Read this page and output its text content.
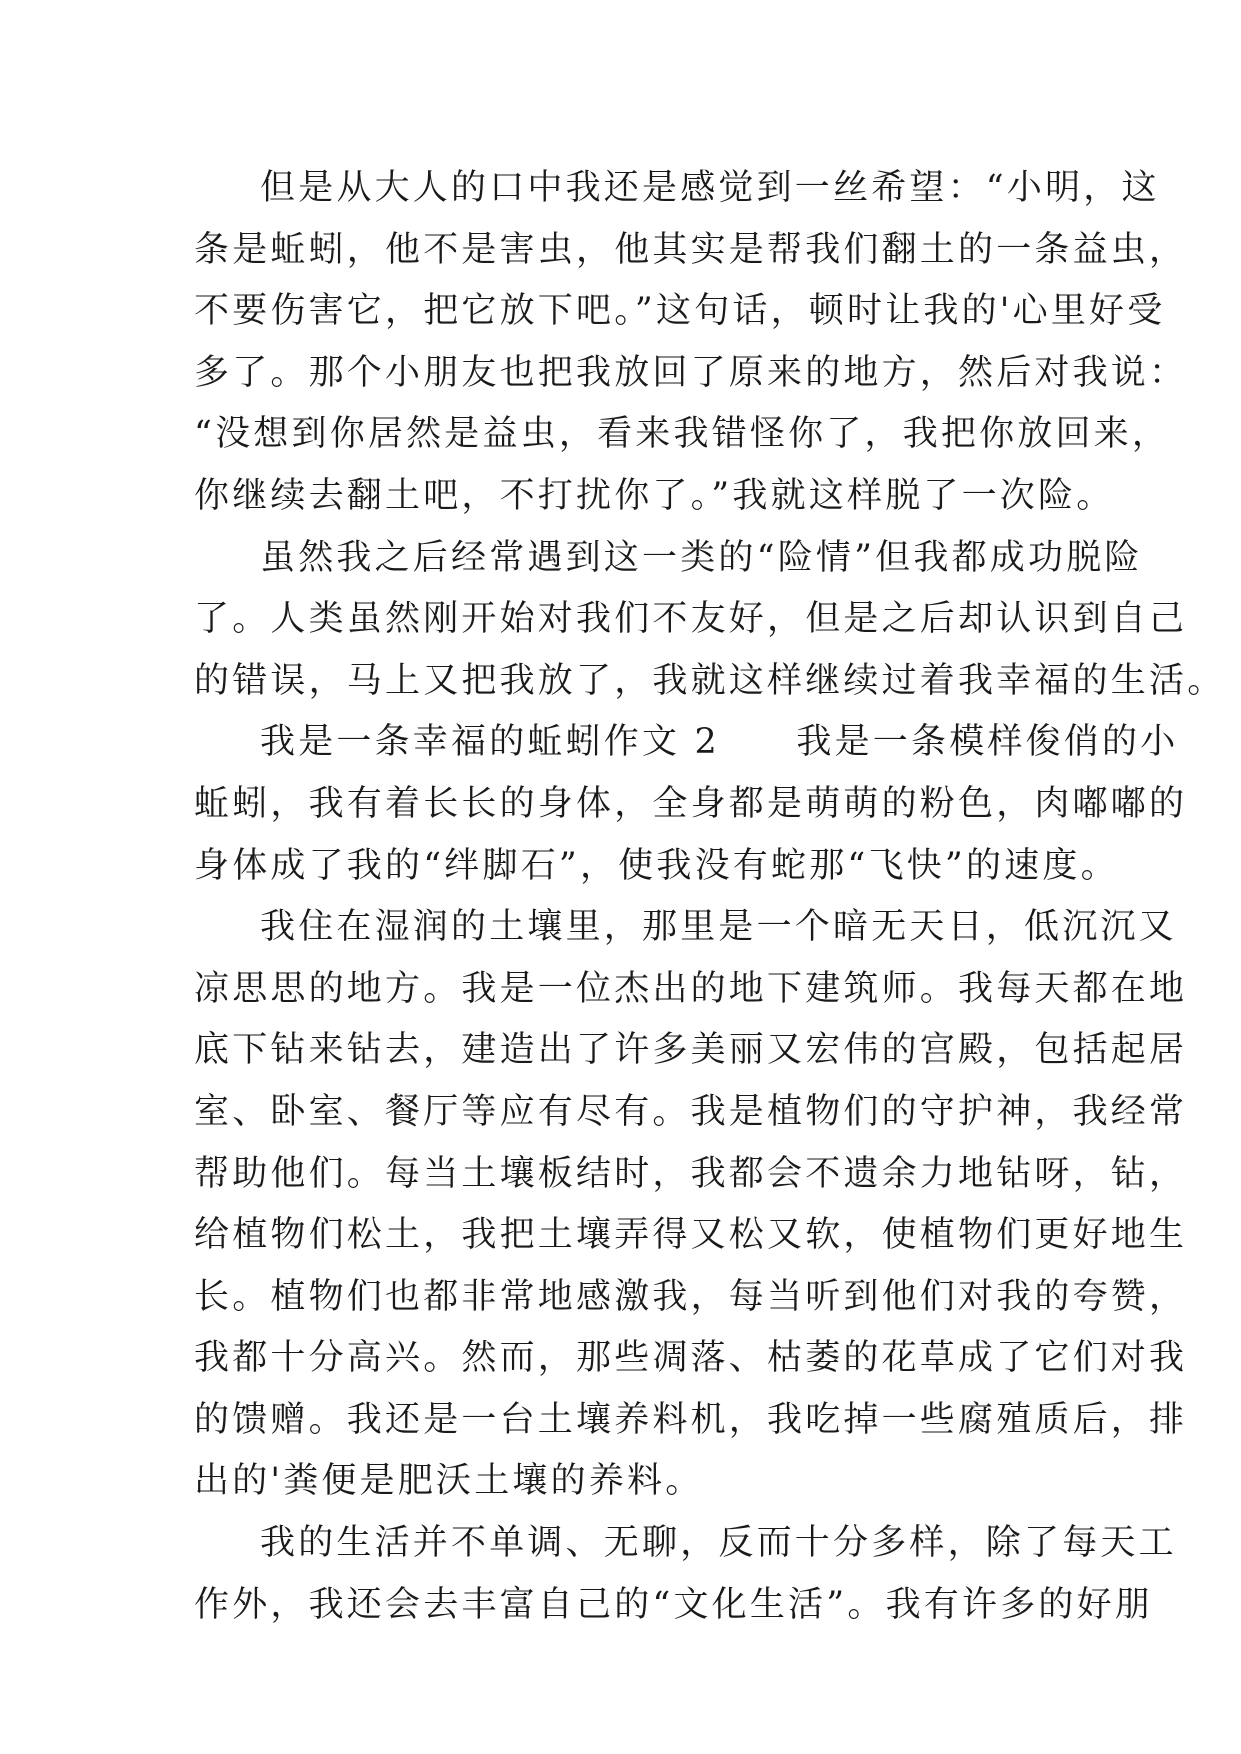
但是从大人的口中我还是感觉到一丝希望：“小明，这
条是蚯蚓，他不是害虫，他其实是帮我们翻土的一条益虫，
不要伤害它，把它放下吧。”这句话，顿时让我的'心里好受
多了。那个小朋友也把我放回了原来的地方，然后对我说：
“没想到你居然是益虫，看来我错怪你了，我把你放回来，
你继续去翻土吧，不打扰你了。”我就这样脱了一次险。
虽然我之后经常遇到这一类的“险情”但我都成功脱险
了。人类虽然刚开始对我们不友好，但是之后却认识到自己
的错误，马上又把我放了，我就这样继续过着我幸福的生活。
我是一条幸福的蚯蚓作文 2　　我是一条模样俊俏的小
蚯蚓，我有着长长的身体，全身都是萌萌的粉色，肉嘟嘟的
身体成了我的“绊脚石”，使我没有蛇那“飞快”的速度。
我住在湿润的土壤里，那里是一个暗无天日，低沉沉又
凉思思的地方。我是一位杰出的地下建筑师。我每天都在地
底下钻来钻去，建造出了许多美丽又宏伟的宫殿，包括起居
室、卧室、餐厅等应有尽有。我是植物们的守护神，我经常
帮助他们。每当土壤板结时，我都会不遗余力地钻呀，钻，
给植物们松土，我把土壤弄得又松又软，使植物们更好地生
长。植物们也都非常地感激我，每当听到他们对我的夸赞，
我都十分高兴。然而，那些凋落、枯萎的花草成了它们对我
的馈赠。我还是一台土壤养料机，我吃掉一些腐殖质后，排
出的'粪便是肥沃土壤的养料。
我的生活并不单调、无聊，反而十分多样，除了每天工
作外，我还会去丰富自己的“文化生活”。我有许多的好朋
